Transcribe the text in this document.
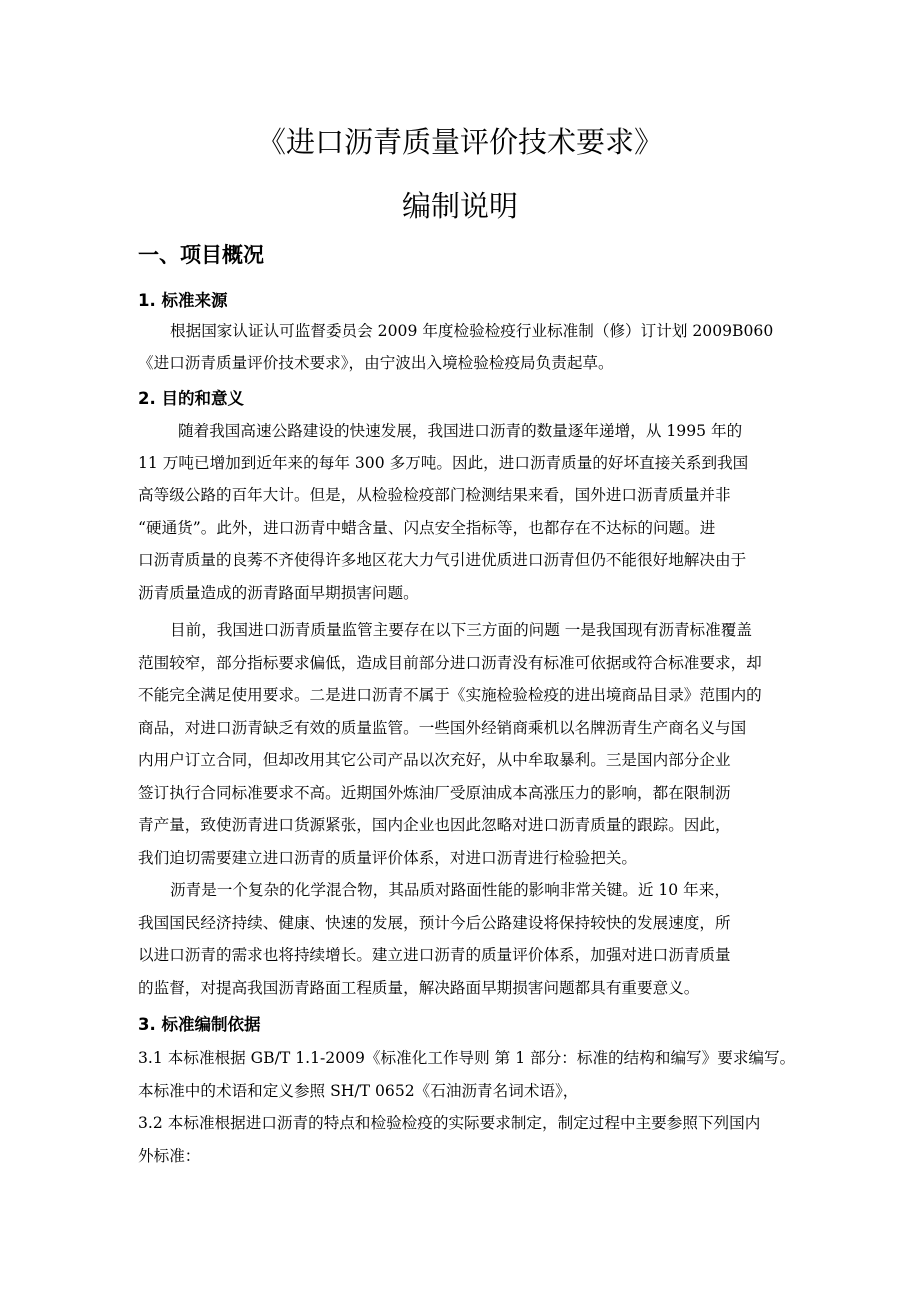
《进口沥青质量评价技术要求》
编制说明
一、项目概况
1. 标准来源
根据国家认证认可监督委员会 2009 年度检验检疫行业标准制（修）订计划 2009B060
《进口沥青质量评价技术要求》，由宁波出入境检验检疫局负责起草。
2. 目的和意义
随着我国高速公路建设的快速发展，我国进口沥青的数量逐年递增，从 1995 年的
11 万吨已增加到近年来的每年 300 多万吨。因此，进口沥青质量的好坏直接关系到我国
高等级公路的百年大计。但是，从检验检疫部门检测结果来看，国外进口沥青质量并非
“硬通货”。此外，进口沥青中蜡含量、闪点安全指标等，也都存在不达标的问题。进
口沥青质量的良莠不齐使得许多地区花大力气引进优质进口沥青但仍不能很好地解决由于
沥青质量造成的沥青路面早期损害问题。
目前，我国进口沥青质量监管主要存在以下三方面的问题 一是我国现有沥青标准覆盖
范围较窄，部分指标要求偏低，造成目前部分进口沥青没有标准可依据或符合标准要求，却
不能完全满足使用要求。二是进口沥青不属于《实施检验检疫的进出境商品目录》范围内的
商品，对进口沥青缺乏有效的质量监管。一些国外经销商乘机以名牌沥青生产商名义与国
内用户订立合同，但却改用其它公司产品以次充好，从中牟取暴利。三是国内部分企业
签订执行合同标准要求不高。近期国外炼油厂受原油成本高涨压力的影响，都在限制沥
青产量，致使沥青进口货源紧张，国内企业也因此忽略对进口沥青质量的跟踪。因此，
我们迫切需要建立进口沥青的质量评价体系，对进口沥青进行检验把关。
沥青是一个复杂的化学混合物，其品质对路面性能的影响非常关键。近 10 年来，
我国国民经济持续、健康、快速的发展，预计今后公路建设将保持较快的发展速度，所
以进口沥青的需求也将持续增长。建立进口沥青的质量评价体系，加强对进口沥青质量
的监督，对提高我国沥青路面工程质量，解决路面早期损害问题都具有重要意义。
3. 标准编制依据
3.1 本标准根据 GB/T 1.1-2009《标准化工作导则 第 1 部分：标准的结构和编写》要求编写。
本标准中的术语和定义参照 SH/T 0652《石油沥青名词术语》，
3.2 本标准根据进口沥青的特点和检验检疫的实际要求制定，制定过程中主要参照下列国内
外标准：
